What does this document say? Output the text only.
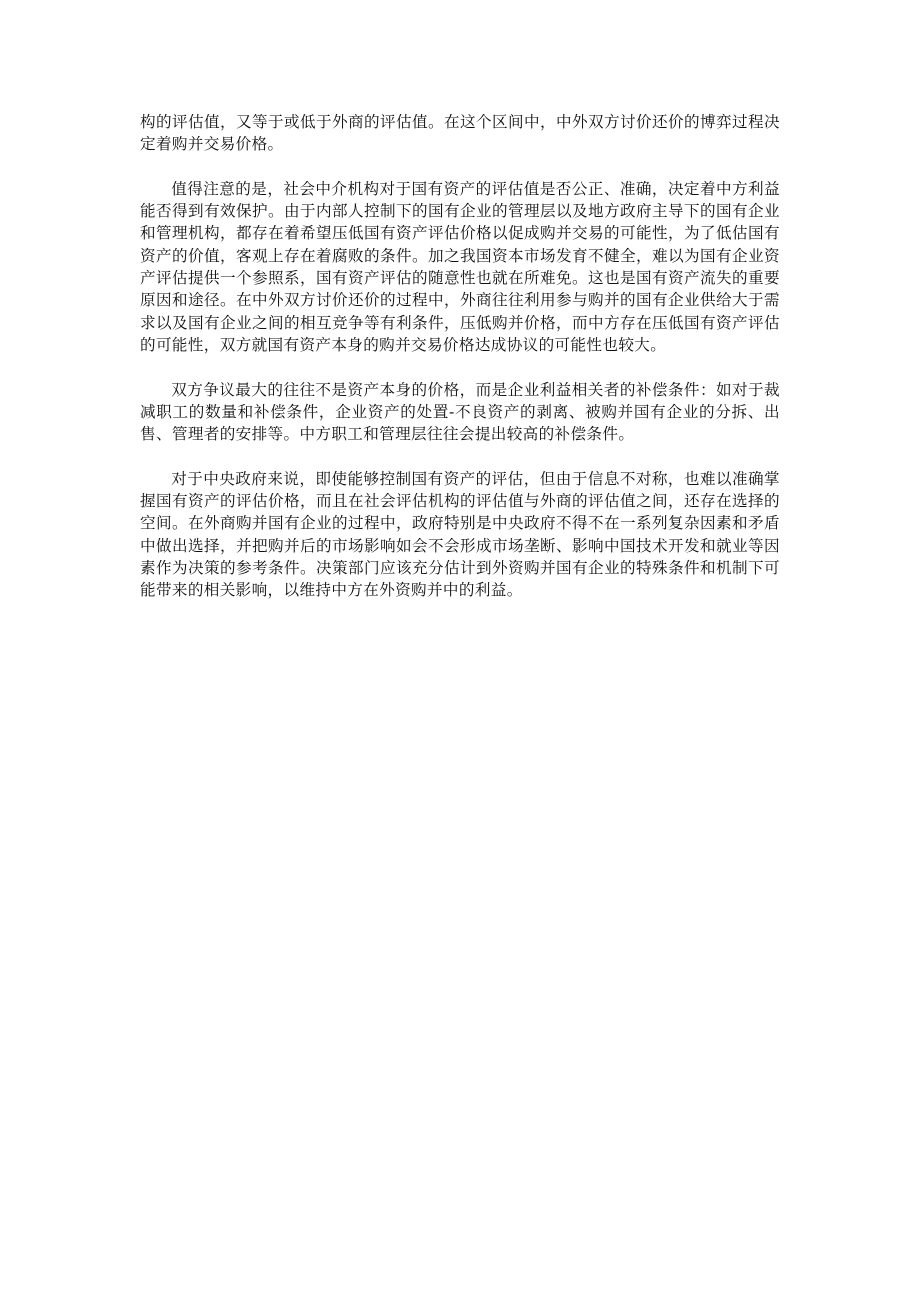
构的评估值，又等于或低于外商的评估值。在这个区间中，中外双方讨价还价的博弈过程决定着购并交易价格。

值得注意的是，社会中介机构对于国有资产的评估值是否公正、准确，决定着中方利益能否得到有效保护。由于内部人控制下的国有企业的管理层以及地方政府主导下的国有企业和管理机构，都存在着希望压低国有资产评估价格以促成购并交易的可能性，为了低估国有资产的价值，客观上存在着腐败的条件。加之我国资本市场发育不健全，难以为国有企业资产评估提供一个参照系，国有资产评估的随意性也就在所难免。这也是国有资产流失的重要原因和途径。在中外双方讨价还价的过程中，外商往往利用参与购并的国有企业供给大于需求以及国有企业之间的相互竞争等有利条件，压低购并价格，而中方存在压低国有资产评估的可能性，双方就国有资产本身的购并交易价格达成协议的可能性也较大。

双方争议最大的往往不是资产本身的价格，而是企业利益相关者的补偿条件：如对于裁减职工的数量和补偿条件，企业资产的处置-不良资产的剥离、被购并国有企业的分拆、出售、管理者的安排等。中方职工和管理层往往会提出较高的补偿条件。

对于中央政府来说，即使能够控制国有资产的评估，但由于信息不对称，也难以准确掌握国有资产的评估价格，而且在社会评估机构的评估值与外商的评估值之间，还存在选择的空间。在外商购并国有企业的过程中，政府特别是中央政府不得不在一系列复杂因素和矛盾中做出选择，并把购并后的市场影响如会不会形成市场垄断、影响中国技术开发和就业等因素作为决策的参考条件。决策部门应该充分估计到外资购并国有企业的特殊条件和机制下可能带来的相关影响，以维持中方在外资购并中的利益。
